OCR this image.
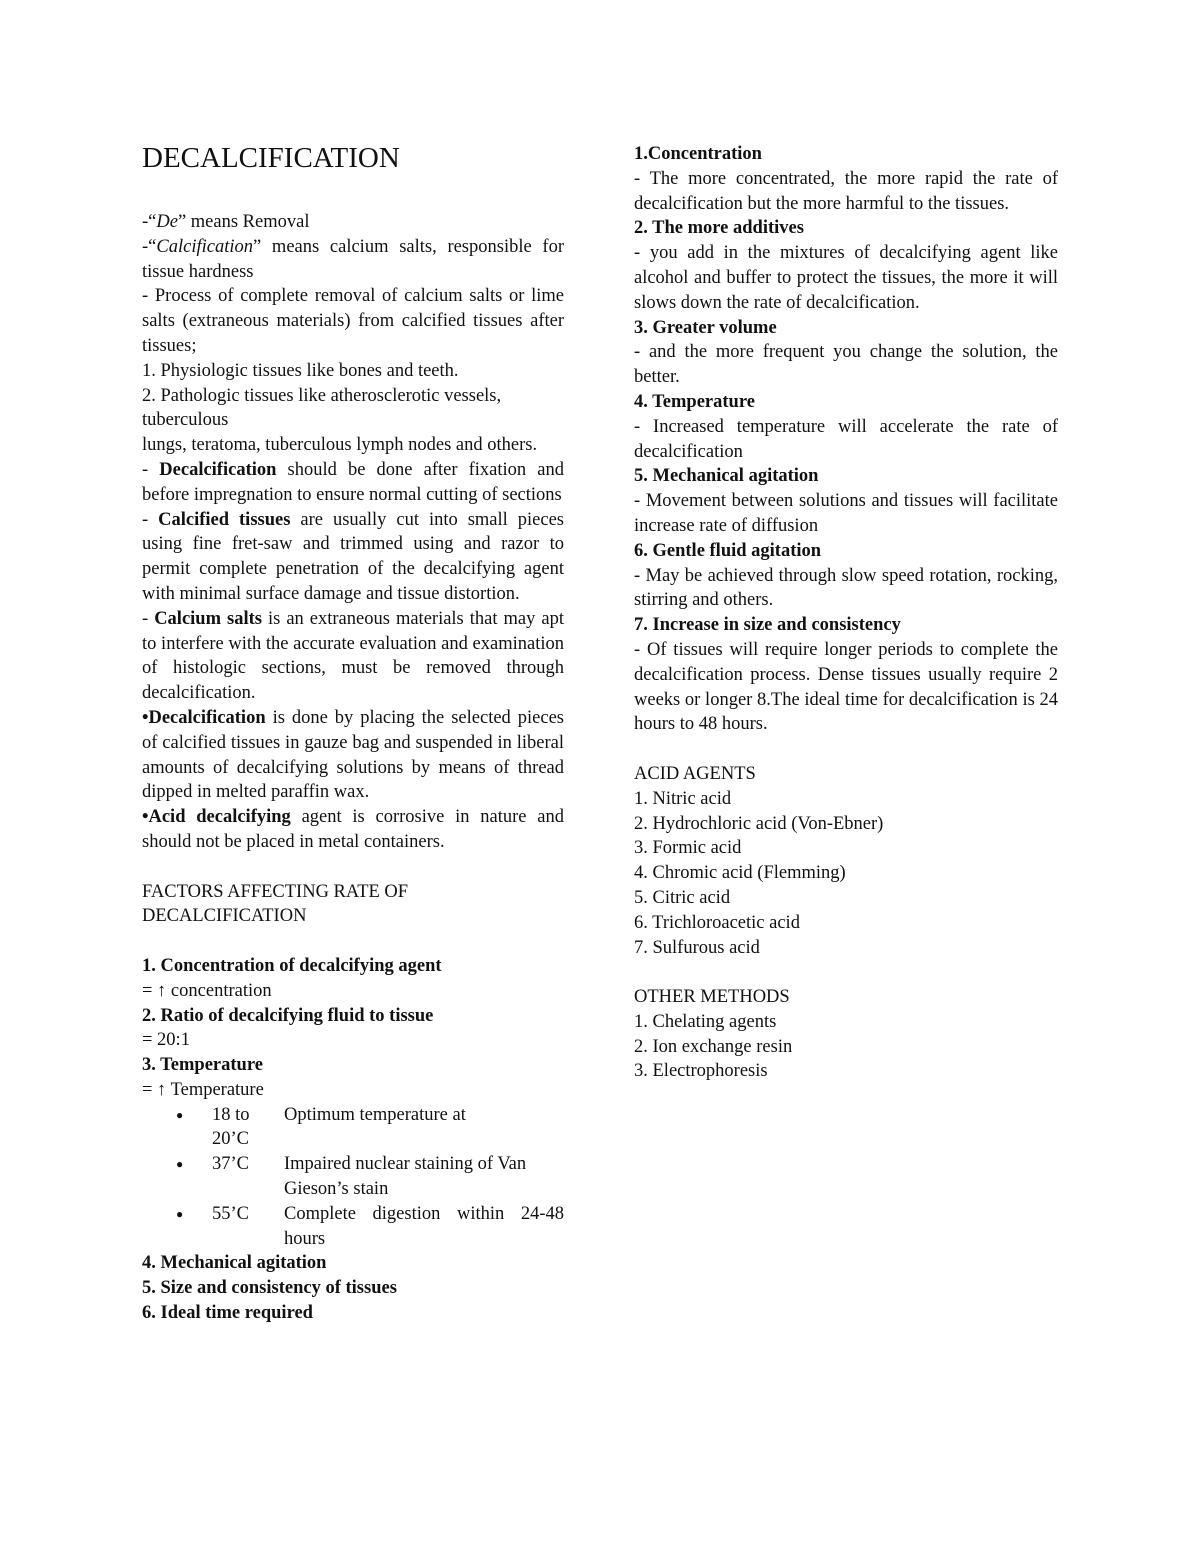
DECALCIFICATION

-“De” means Removal

-“Calcification” means calcium salts, responsible for tissue hardness

- Process of complete removal of calcium salts or lime salts (extraneous materials) from calcified tissues after tissues;

1. Physiologic tissues like bones and teeth.

2. Pathologic tissues like atherosclerotic vessels, tuberculous

lungs, teratoma, tuberculous lymph nodes and others.

- Decalcification should be done after fixation and before impregnation to ensure normal cutting of sections

- Calcified tissues are usually cut into small pieces using fine fret-saw and trimmed using and razor to permit complete penetration of the decalcifying agent with minimal surface damage and tissue distortion.

- Calcium salts is an extraneous materials that may apt to interfere with the accurate evaluation and examination of histologic sections, must be removed through decalcification.

•Decalcification is done by placing the selected pieces of calcified tissues in gauze bag and suspended in liberal amounts of decalcifying solutions by means of thread dipped in melted paraffin wax.

•Acid decalcifying agent is corrosive in nature and should not be placed in metal containers.

FACTORS AFFECTING RATE OF

DECALCIFICATION

1. Concentration of decalcifying agent

= ↑ concentration

2. Ratio of decalcifying fluid to tissue

= 20:1

3. Temperature

= ↑ Temperature

● 18 to 20’C
Optimum temperature at
● 37’C	Impaired nuclear staining of Van Gieson’s stain
● 55’C	Complete digestion within 24-48 hours

4. Mechanical agitation

5. Size and consistency of tissues

6. Ideal time required

1.Concentration

- The more concentrated, the more rapid the rate of decalcification but the more harmful to the tissues.

2. The more additives

- you add in the mixtures of decalcifying agent like alcohol and buffer to protect the tissues, the more it will slows down the rate of decalcification.

3. Greater volume

- and the more frequent you change the solution, the better.

4. Temperature

- Increased temperature will accelerate the rate of decalcification

5. Mechanical agitation

- Movement between solutions and tissues will facilitate increase rate of diffusion

6. Gentle fluid agitation

- May be achieved through slow speed rotation, rocking, stirring and others.

7. Increase in size and consistency

- Of tissues will require longer periods to complete the decalcification process. Dense tissues usually require 2 weeks or longer 8.The ideal time for decalcification is 24 hours to 48 hours.

ACID AGENTS

1. Nitric acid

2. Hydrochloric acid (Von-Ebner)

3. Formic acid

4. Chromic acid (Flemming)

5. Citric acid

6. Trichloroacetic acid

7. Sulfurous acid

OTHER METHODS

1. Chelating agents

2. Ion exchange resin

3. Electrophoresis
